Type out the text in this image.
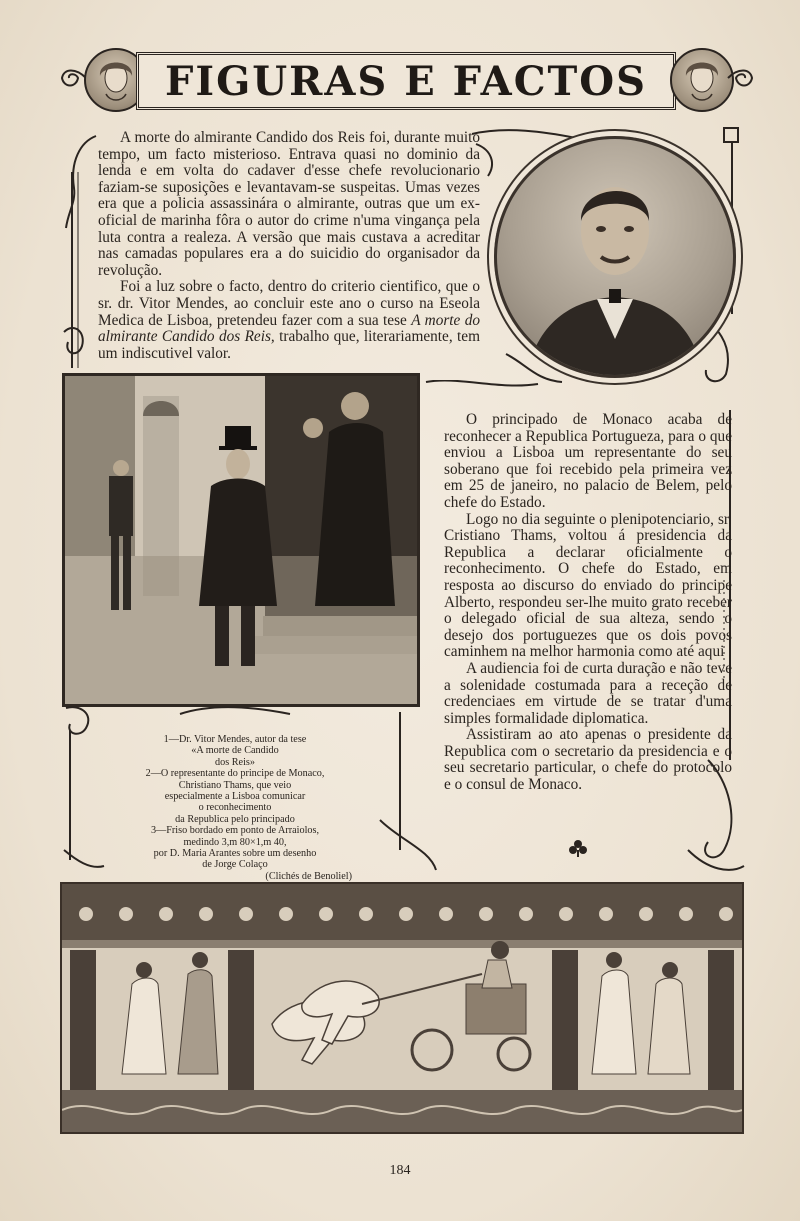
FIGURAS E FACTOS

A morte do almirante Candido dos Reis foi, durante muito tempo, um facto misterioso. Entrava quasi no dominio da lenda e em volta do cadaver d'esse chefe revolucionario faziam-se suposições e levantavam-se suspeitas. Umas vezes era que a policia assassinára o almirante, outras que um ex-oficial de marinha fôra o autor do crime n'uma vingança pela luta contra a realeza. A versão que mais custava a acreditar nas camadas populares era a do suicidio do organisador da revolução.

Foi a luz sobre o facto, dentro do criterio cientifico, que o sr. dr. Vitor Mendes, ao concluir este ano o curso na Eseola Medica de Lisboa, pretendeu fazer com a sua tese A morte do almirante Candido dos Reis, trabalho que, literariamente, tem um indiscutivel valor.

1—Dr. Vitor Mendes, autor da tese
«A morte de Candido
dos Reis»
2—O representante do principe de Monaco,
Christiano Thams, que veio
especialmente a Lisboa comunicar
o reconhecimento
da Republica pelo principado
3—Friso bordado em ponto de Arraiolos,
medindo 3,m 80×1,m 40,
por D. Maria Arantes sobre um desenho
de Jorge Colaço
(Clichés de Benoliel)

O principado de Monaco acaba de reconhecer a Republica Portugueza, para o que enviou a Lisboa um representante do seu soberano que foi recebido pela primeira vez em 25 de janeiro, no palacio de Belem, pelo chefe do Estado.

Logo no dia seguinte o plenipotenciario, sr. Cristiano Thams, voltou á presidencia da Republica a declarar oficialmente o reconhecimento. O chefe do Estado, em resposta ao discurso do enviado do principe Alberto, respondeu ser-lhe muito grato receber o delegado oficial de sua alteza, sendo o desejo dos portuguezes que os dois povos caminhem na melhor harmonia como até aqui

A audiencia foi de curta duração e não teve a solenidade costumada para a receção de credenciaes em virtude de se tratar d'uma simples formalidade diplomatica.

Assistiram ao ato apenas o presidente da Republica com o secretario da presidencia e o seu secretario particular, o chefe do protocolo e o consul de Monaco.

184
